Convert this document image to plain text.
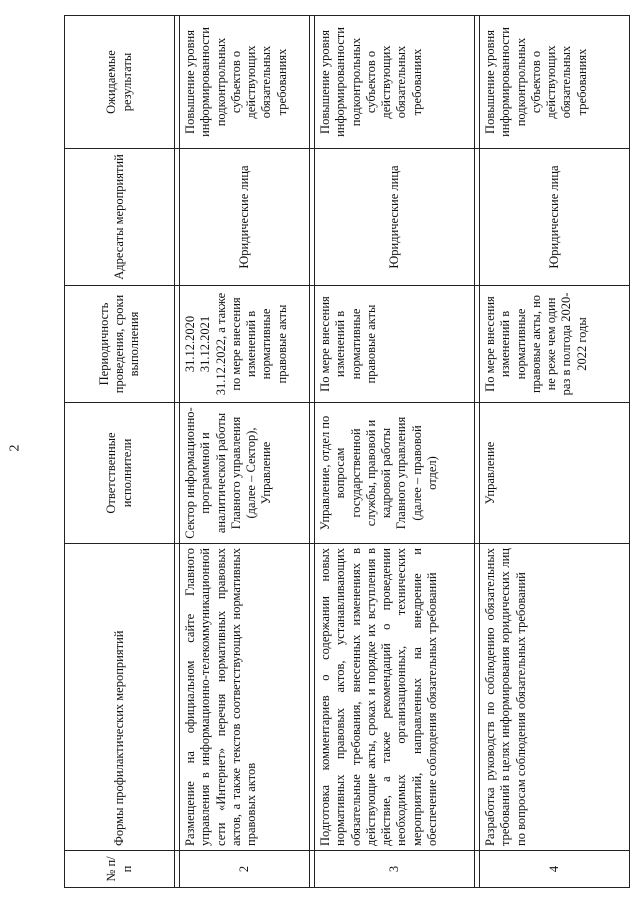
2
№ п/п	Формы профилактических мероприятий	Ответственные исполнители	Периодичность проведения, сроки выполнения	Адресаты мероприятий	Ожидаемые результаты

2	Размещение на официальном сайте Главного управления в информационно-телекоммуникационной сети «Интернет» перечня нормативных правовых актов, а также текстов соответствующих нормативных правовых актов	Сектор информационно-программной и аналитической работы Главного управления (далее – Сектор), Управление	31.12.2020 31.12.2021 31.12.2022, а также по мере внесения изменений в нормативные правовые акты	Юридические лица	Повышение уровня информированности подконтрольных субъектов о действующих обязательных требованиях

3	Подготовка комментариев о содержании новых нормативных правовых актов, устанавливающих обязательные требования, внесенных изменениях в действующие акты, сроках и порядке их вступления в действие, а также рекомендаций о проведении необходимых организационных, технических мероприятий, направленных на внедрение и обеспечение соблюдения обязательных требований	Управление, отдел по вопросам государственной службы, правовой и кадровой работы Главного управления (далее – правовой отдел)	По мере внесения изменений в нормативные правовые акты	Юридические лица	Повышение уровня информированности подконтрольных субъектов о действующих обязательных требованиях

4	Разработка руководств по соблюдению обязательных требований в целях информирования юридических лиц по вопросам соблюдения обязательных требований	Управление	По мере внесения изменений в нормативные правовые акты, но не реже чем один раз в полгода 2020-2022 годы	Юридические лица	Повышение уровня информированности подконтрольных субъектов о действующих обязательных требованиях
